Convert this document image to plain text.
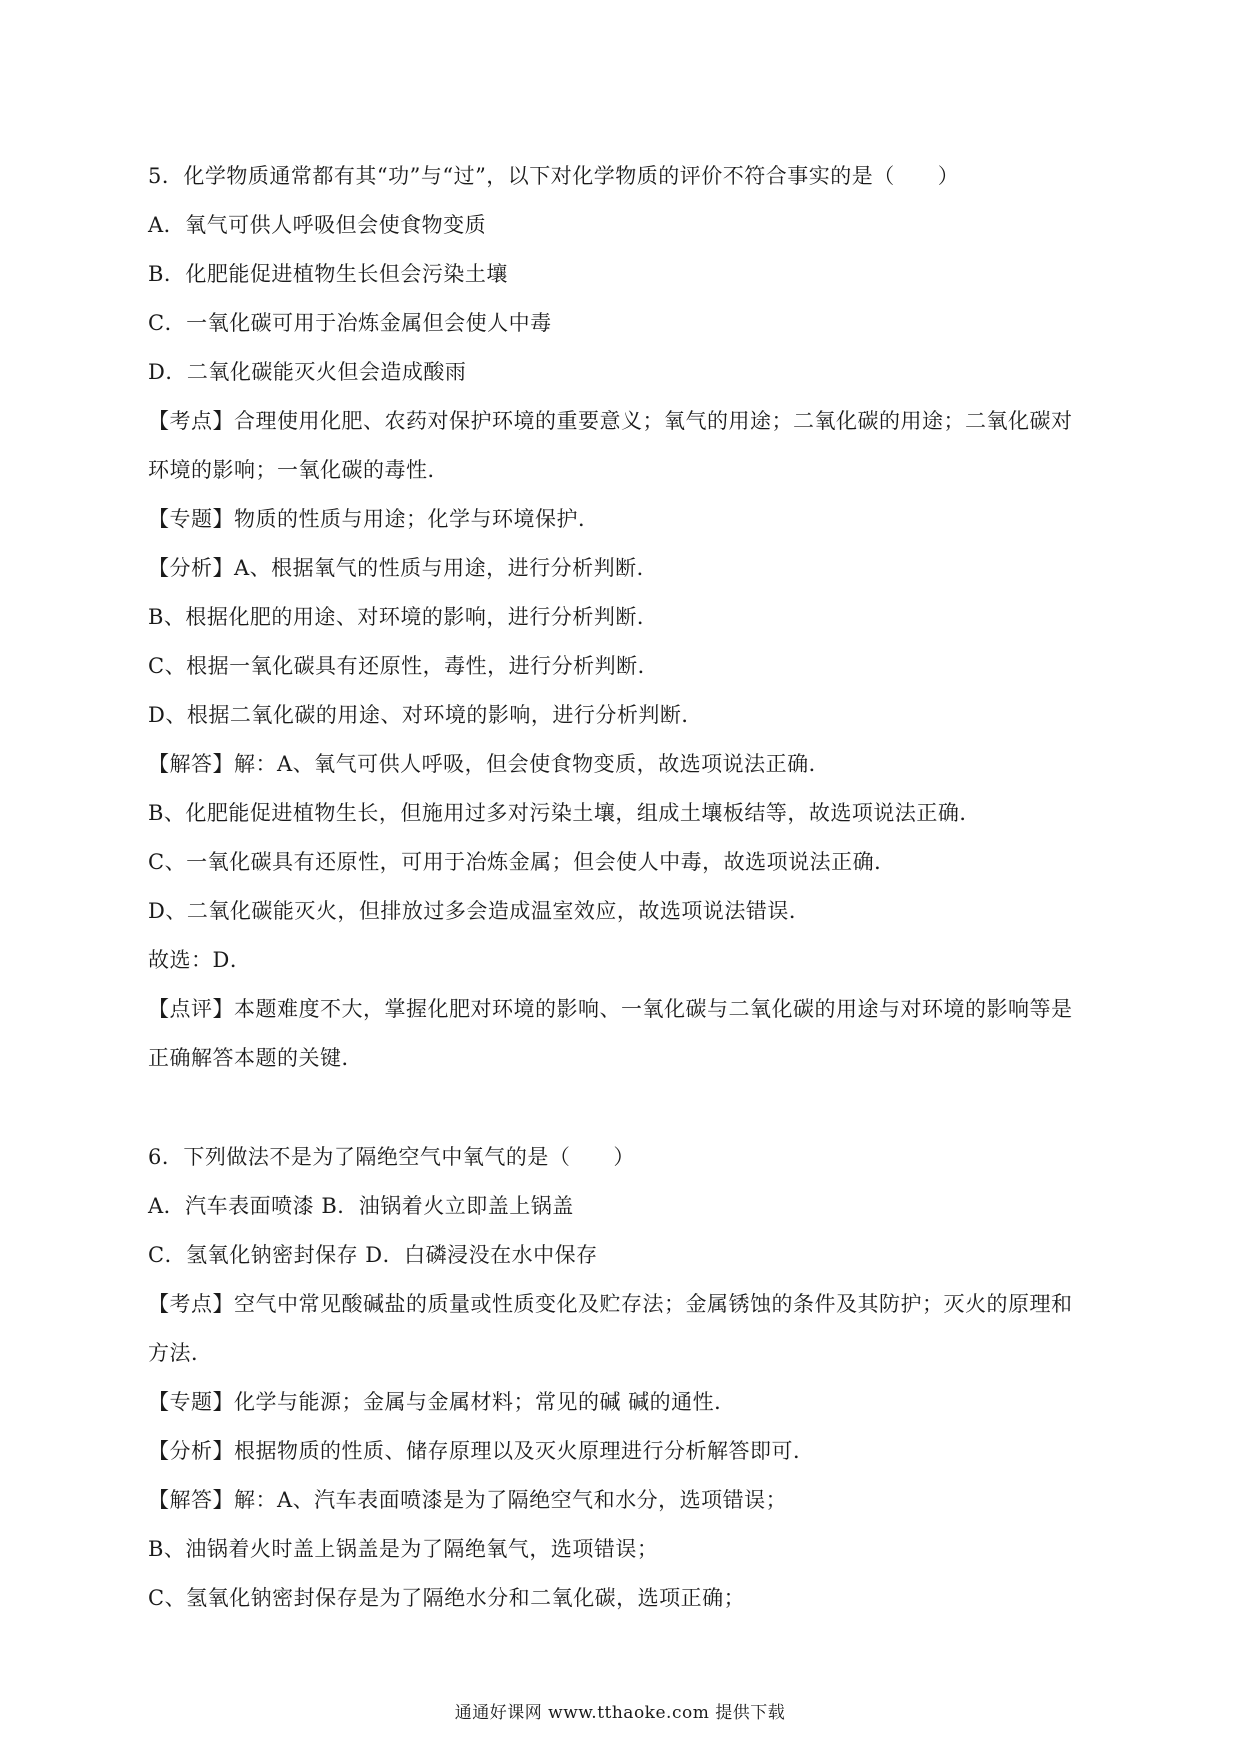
5．化学物质通常都有其“功”与“过”，以下对化学物质的评价不符合事实的是（　　）
A．氧气可供人呼吸但会使食物变质
B．化肥能促进植物生长但会污染土壤
C．一氧化碳可用于冶炼金属但会使人中毒
D．二氧化碳能灭火但会造成酸雨
【考点】合理使用化肥、农药对保护环境的重要意义；氧气的用途；二氧化碳的用途；二氧化碳对
环境的影响；一氧化碳的毒性．
【专题】物质的性质与用途；化学与环境保护．
【分析】A、根据氧气的性质与用途，进行分析判断．
B、根据化肥的用途、对环境的影响，进行分析判断．
C、根据一氧化碳具有还原性，毒性，进行分析判断．
D、根据二氧化碳的用途、对环境的影响，进行分析判断．
【解答】解：A、氧气可供人呼吸，但会使食物变质，故选项说法正确．
B、化肥能促进植物生长，但施用过多对污染土壤，组成土壤板结等，故选项说法正确．
C、一氧化碳具有还原性，可用于冶炼金属；但会使人中毒，故选项说法正确．
D、二氧化碳能灭火，但排放过多会造成温室效应，故选项说法错误．
故选：D．
【点评】本题难度不大，掌握化肥对环境的影响、一氧化碳与二氧化碳的用途与对环境的影响等是
正确解答本题的关键．
6．下列做法不是为了隔绝空气中氧气的是（　　）
A．汽车表面喷漆 B．油锅着火立即盖上锅盖
C．氢氧化钠密封保存 D．白磷浸没在水中保存
【考点】空气中常见酸碱盐的质量或性质变化及贮存法；金属锈蚀的条件及其防护；灭火的原理和
方法．
【专题】化学与能源；金属与金属材料；常见的碱 碱的通性．
【分析】根据物质的性质、储存原理以及灭火原理进行分析解答即可．
【解答】解：A、汽车表面喷漆是为了隔绝空气和水分，选项错误；
B、油锅着火时盖上锅盖是为了隔绝氧气，选项错误；
C、氢氧化钠密封保存是为了隔绝水分和二氧化碳，选项正确；
通通好课网 www.tthaoke.com 提供下载
